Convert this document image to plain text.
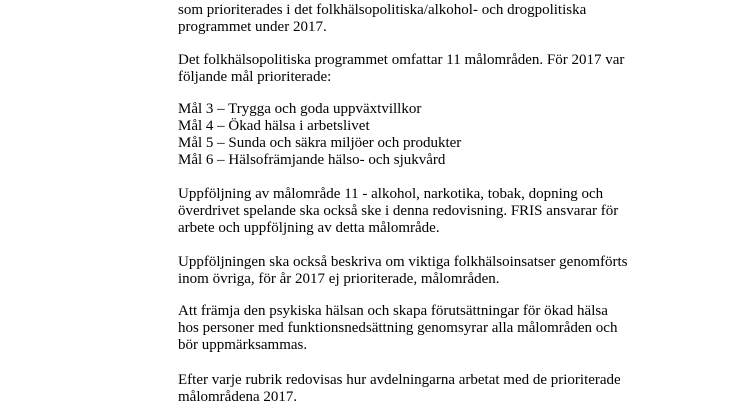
som prioriterades i det folkhälsopolitiska/alkohol- och drogpolitiska
programmet under 2017.

Det folkhälsopolitiska programmet omfattar 11 målområden. För 2017 var
följande mål prioriterade:

Mål 3 – Trygga och goda uppväxtvillkor
Mål 4 – Ökad hälsa i arbetslivet
Mål 5 – Sunda och säkra miljöer och produkter
Mål 6 – Hälsofrämjande hälso- och sjukvård

Uppföljning av målområde 11 - alkohol, narkotika, tobak, dopning och
överdrivet spelande ska också ske i denna redovisning. FRIS ansvarar för
arbete och uppföljning av detta målområde.

Uppföljningen ska också beskriva om viktiga folkhälsoinsatser genomförts
inom övriga, för år 2017 ej prioriterade, målområden.

Att främja den psykiska hälsan och skapa förutsättningar för ökad hälsa
hos personer med funktionsnedsättning genomsyrar alla målområden och
bör uppmärksammas.

Efter varje rubrik redovisas hur avdelningarna arbetat med de prioriterade
målområdena 2017.
